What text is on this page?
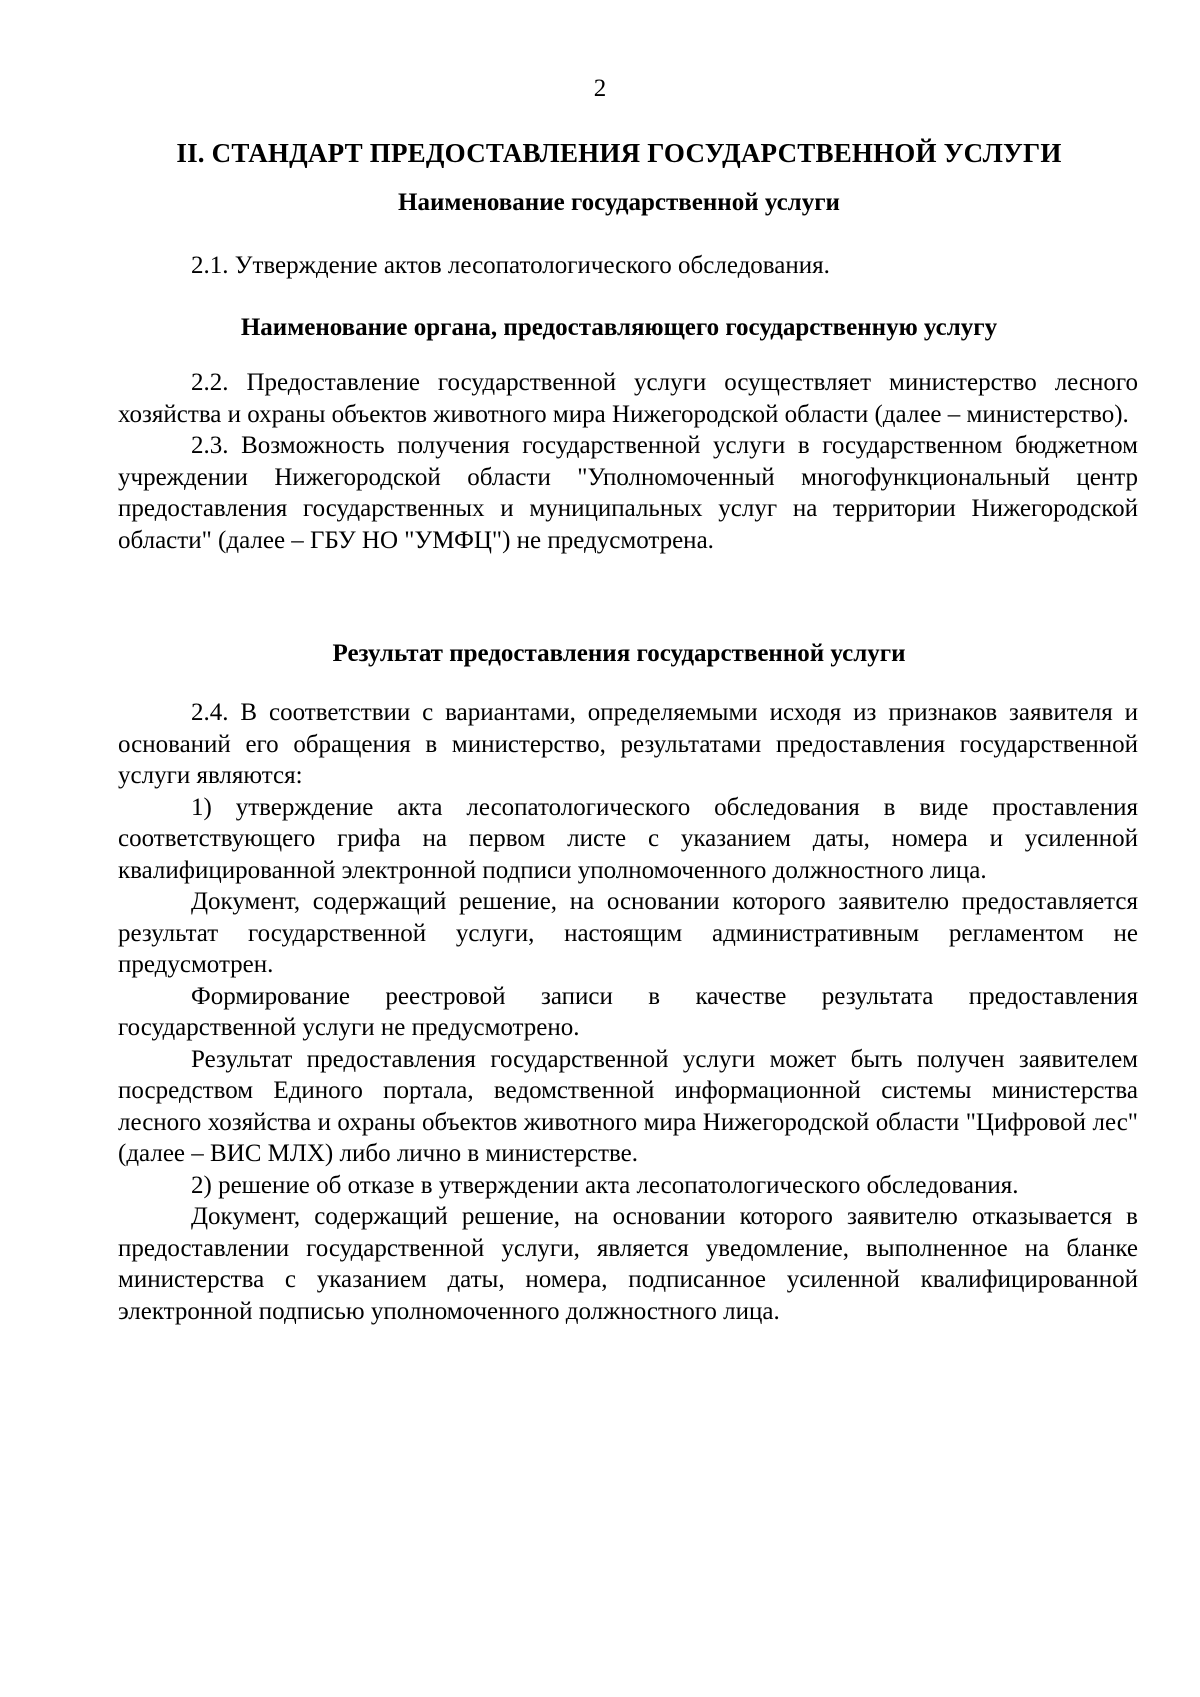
2
II. СТАНДАРТ ПРЕДОСТАВЛЕНИЯ ГОСУДАРСТВЕННОЙ УСЛУГИ
Наименование государственной услуги

2.1. Утверждение актов лесопатологического обследования.

Наименование органа, предоставляющего государственную услугу

2.2. Предоставление государственной услуги осуществляет министерство лесного хозяйства и охраны объектов животного мира Нижегородской области (далее – министерство).

2.3. Возможность получения государственной услуги в государственном бюджетном учреждении Нижегородской области "Уполномоченный многофункциональный центр предоставления государственных и муниципальных услуг на территории Нижегородской области" (далее – ГБУ НО "УМФЦ") не предусмотрена.

Результат предоставления государственной услуги

2.4. В соответствии с вариантами, определяемыми исходя из признаков заявителя и оснований его обращения в министерство, результатами предоставления государственной услуги являются:

1) утверждение акта лесопатологического обследования в виде проставления соответствующего грифа на первом листе с указанием даты, номера и усиленной квалифицированной электронной подписи уполномоченного должностного лица.

Документ, содержащий решение, на основании которого заявителю предоставляется результат государственной услуги, настоящим административным регламентом не предусмотрен.

Формирование реестровой записи в качестве результата предоставления государственной услуги не предусмотрено.

Результат предоставления государственной услуги может быть получен заявителем посредством Единого портала, ведомственной информационной системы министерства лесного хозяйства и охраны объектов животного мира Нижегородской области "Цифровой лес" (далее – ВИС МЛХ) либо лично в министерстве.

2) решение об отказе в утверждении акта лесопатологического обследования.

Документ, содержащий решение, на основании которого заявителю отказывается в предоставлении государственной услуги, является уведомление, выполненное на бланке министерства с указанием даты, номера, подписанное усиленной квалифицированной электронной подписью уполномоченного должностного лица.
